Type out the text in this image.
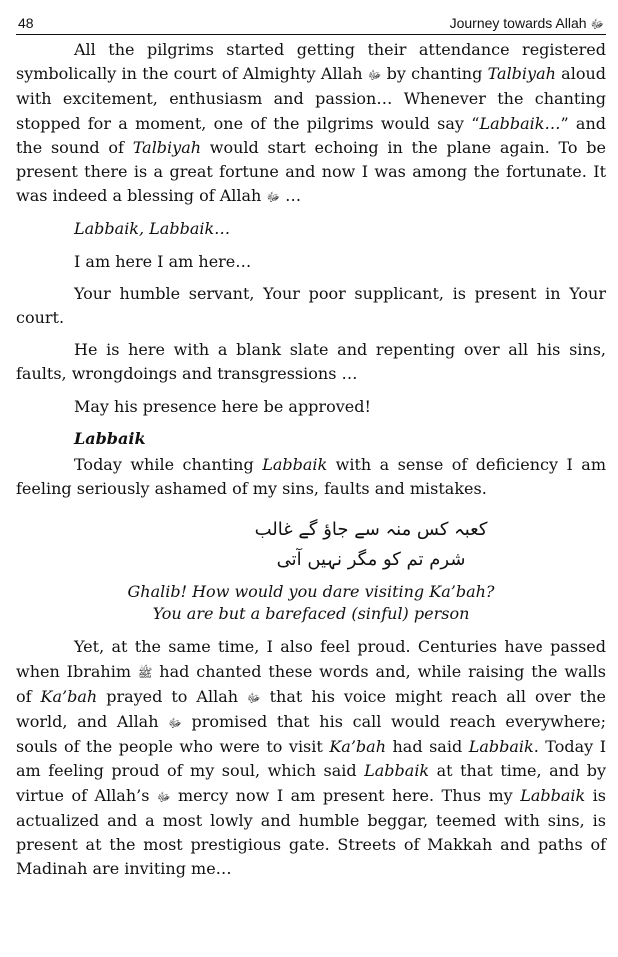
48	Journey towards Allah ﷻ

All the pilgrims started getting their attendance registered symbolically in the court of Almighty Allah ﷻ by chanting Talbiyah aloud with excitement, enthusiasm and passion… Whenever the chanting stopped for a moment, one of the pilgrims would say “Labbaik…” and the sound of Talbiyah would start echoing in the plane again. To be present there is a great fortune and now I was among the fortunate. It was indeed a blessing of Allah ﷻ …

Labbaik, Labbaik…

I am here I am here…

Your humble servant, Your poor supplicant, is present in Your court.

He is here with a blank slate and repenting over all his sins, faults, wrongdoings and transgressions …

May his presence here be approved!

Labbaik

Today while chanting Labbaik with a sense of deficiency I am feeling seriously ashamed of my sins, faults and mistakes.

کعبہ کس منہ سے جاؤ گے غالب
شرم تم کو مگر نہیں آتی
Ghalib! How would you dare visiting Ka’bah?
You are but a barefaced (sinful) person

Yet, at the same time, I also feel proud. Centuries have passed when Ibrahim ﷺ had chanted these words and, while raising the walls of Ka’bah prayed to Allah ﷻ that his voice might reach all over the world, and Allah ﷻ promised that his call would reach everywhere; souls of the people who were to visit Ka’bah had said Labbaik. Today I am feeling proud of my soul, which said Labbaik at that time, and by virtue of Allah’s ﷻ mercy now I am present here. Thus my Labbaik is actualized and a most lowly and humble beggar, teemed with sins, is present at the most prestigious gate. Streets of Makkah and paths of Madinah are inviting me…
